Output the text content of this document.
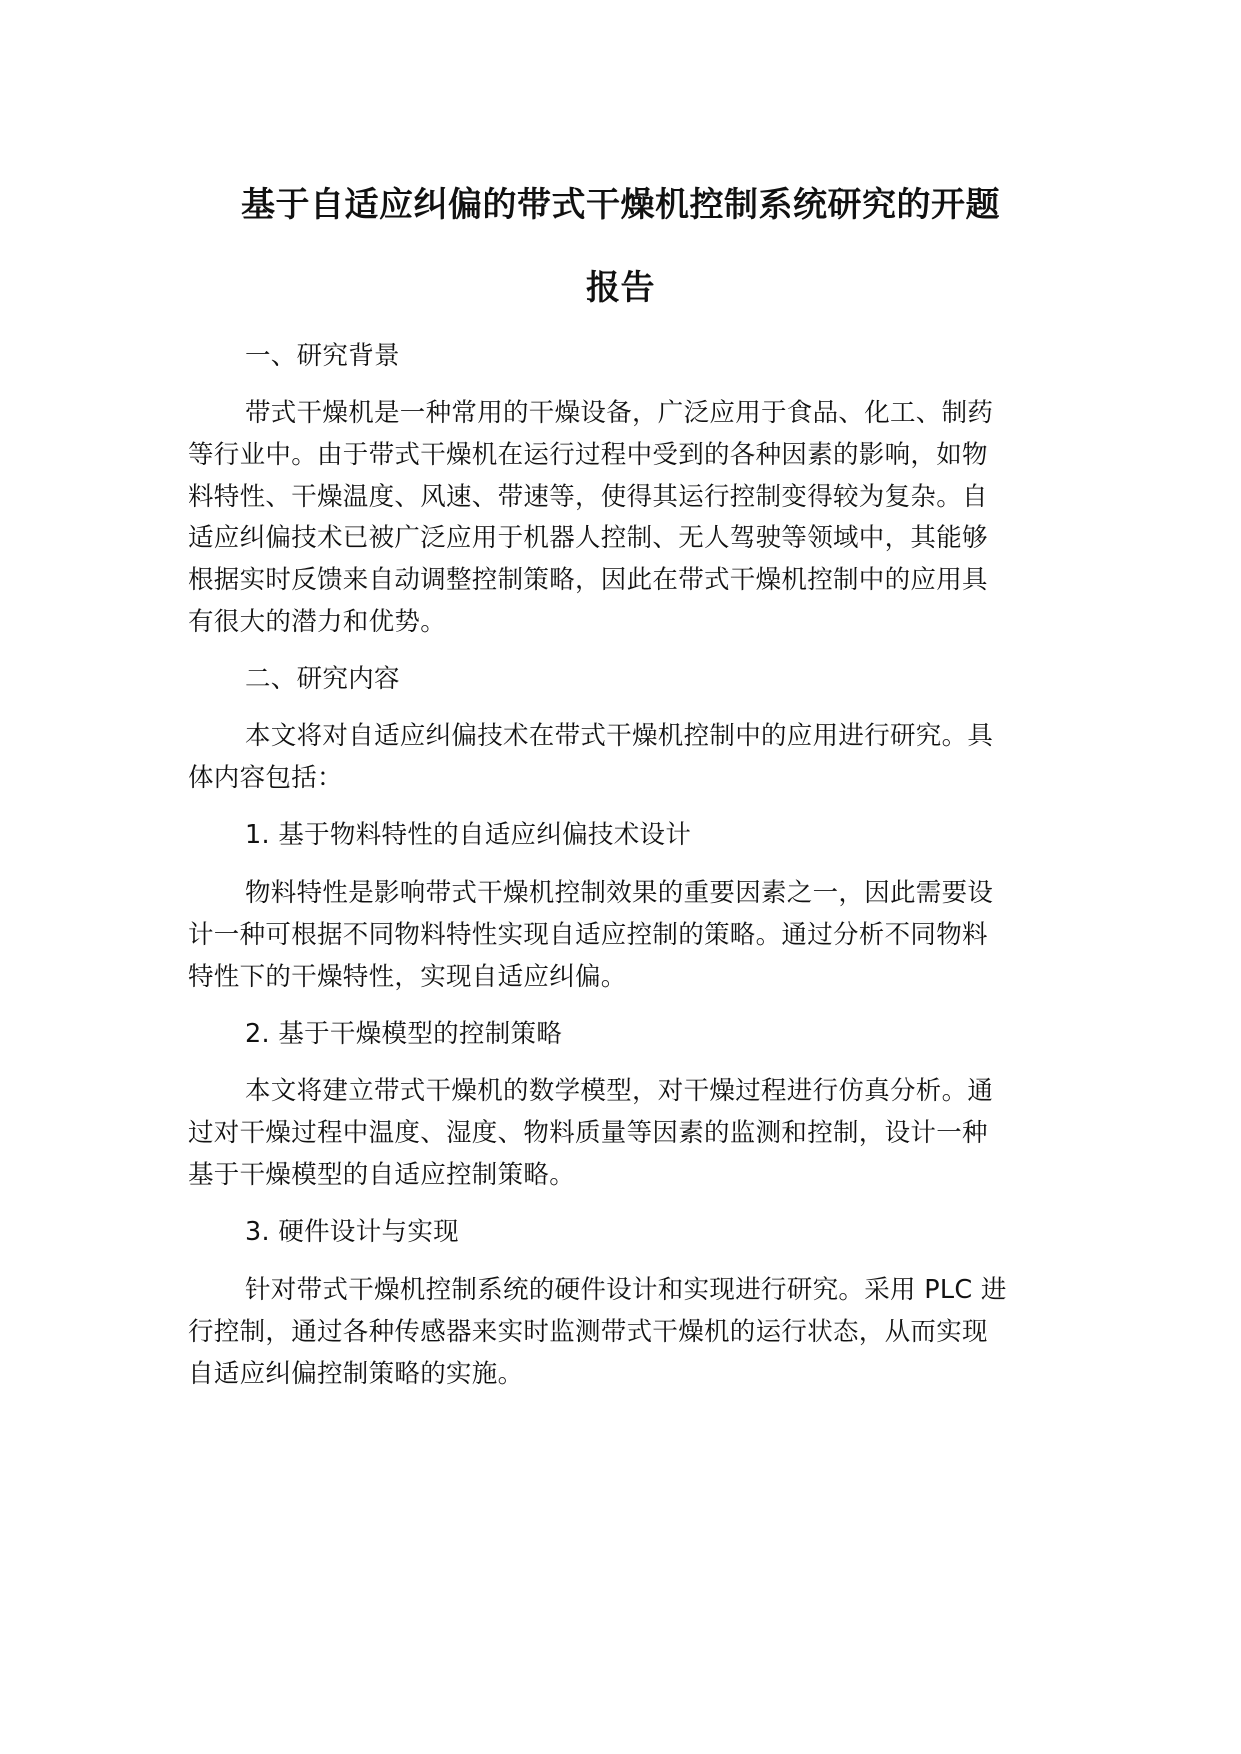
基于自适应纠偏的带式干燥机控制系统研究的开题
报告
一、研究背景
带式干燥机是一种常用的干燥设备，广泛应用于食品、化工、制药
等行业中。由于带式干燥机在运行过程中受到的各种因素的影响，如物
料特性、干燥温度、风速、带速等，使得其运行控制变得较为复杂。自
适应纠偏技术已被广泛应用于机器人控制、无人驾驶等领域中，其能够
根据实时反馈来自动调整控制策略，因此在带式干燥机控制中的应用具
有很大的潜力和优势。
二、研究内容
本文将对自适应纠偏技术在带式干燥机控制中的应用进行研究。具
体内容包括：
1. 基于物料特性的自适应纠偏技术设计
物料特性是影响带式干燥机控制效果的重要因素之一，因此需要设
计一种可根据不同物料特性实现自适应控制的策略。通过分析不同物料
特性下的干燥特性，实现自适应纠偏。
2. 基于干燥模型的控制策略
本文将建立带式干燥机的数学模型，对干燥过程进行仿真分析。通
过对干燥过程中温度、湿度、物料质量等因素的监测和控制，设计一种
基于干燥模型的自适应控制策略。
3. 硬件设计与实现
针对带式干燥机控制系统的硬件设计和实现进行研究。采用 PLC 进
行控制，通过各种传感器来实时监测带式干燥机的运行状态，从而实现
自适应纠偏控制策略的实施。
